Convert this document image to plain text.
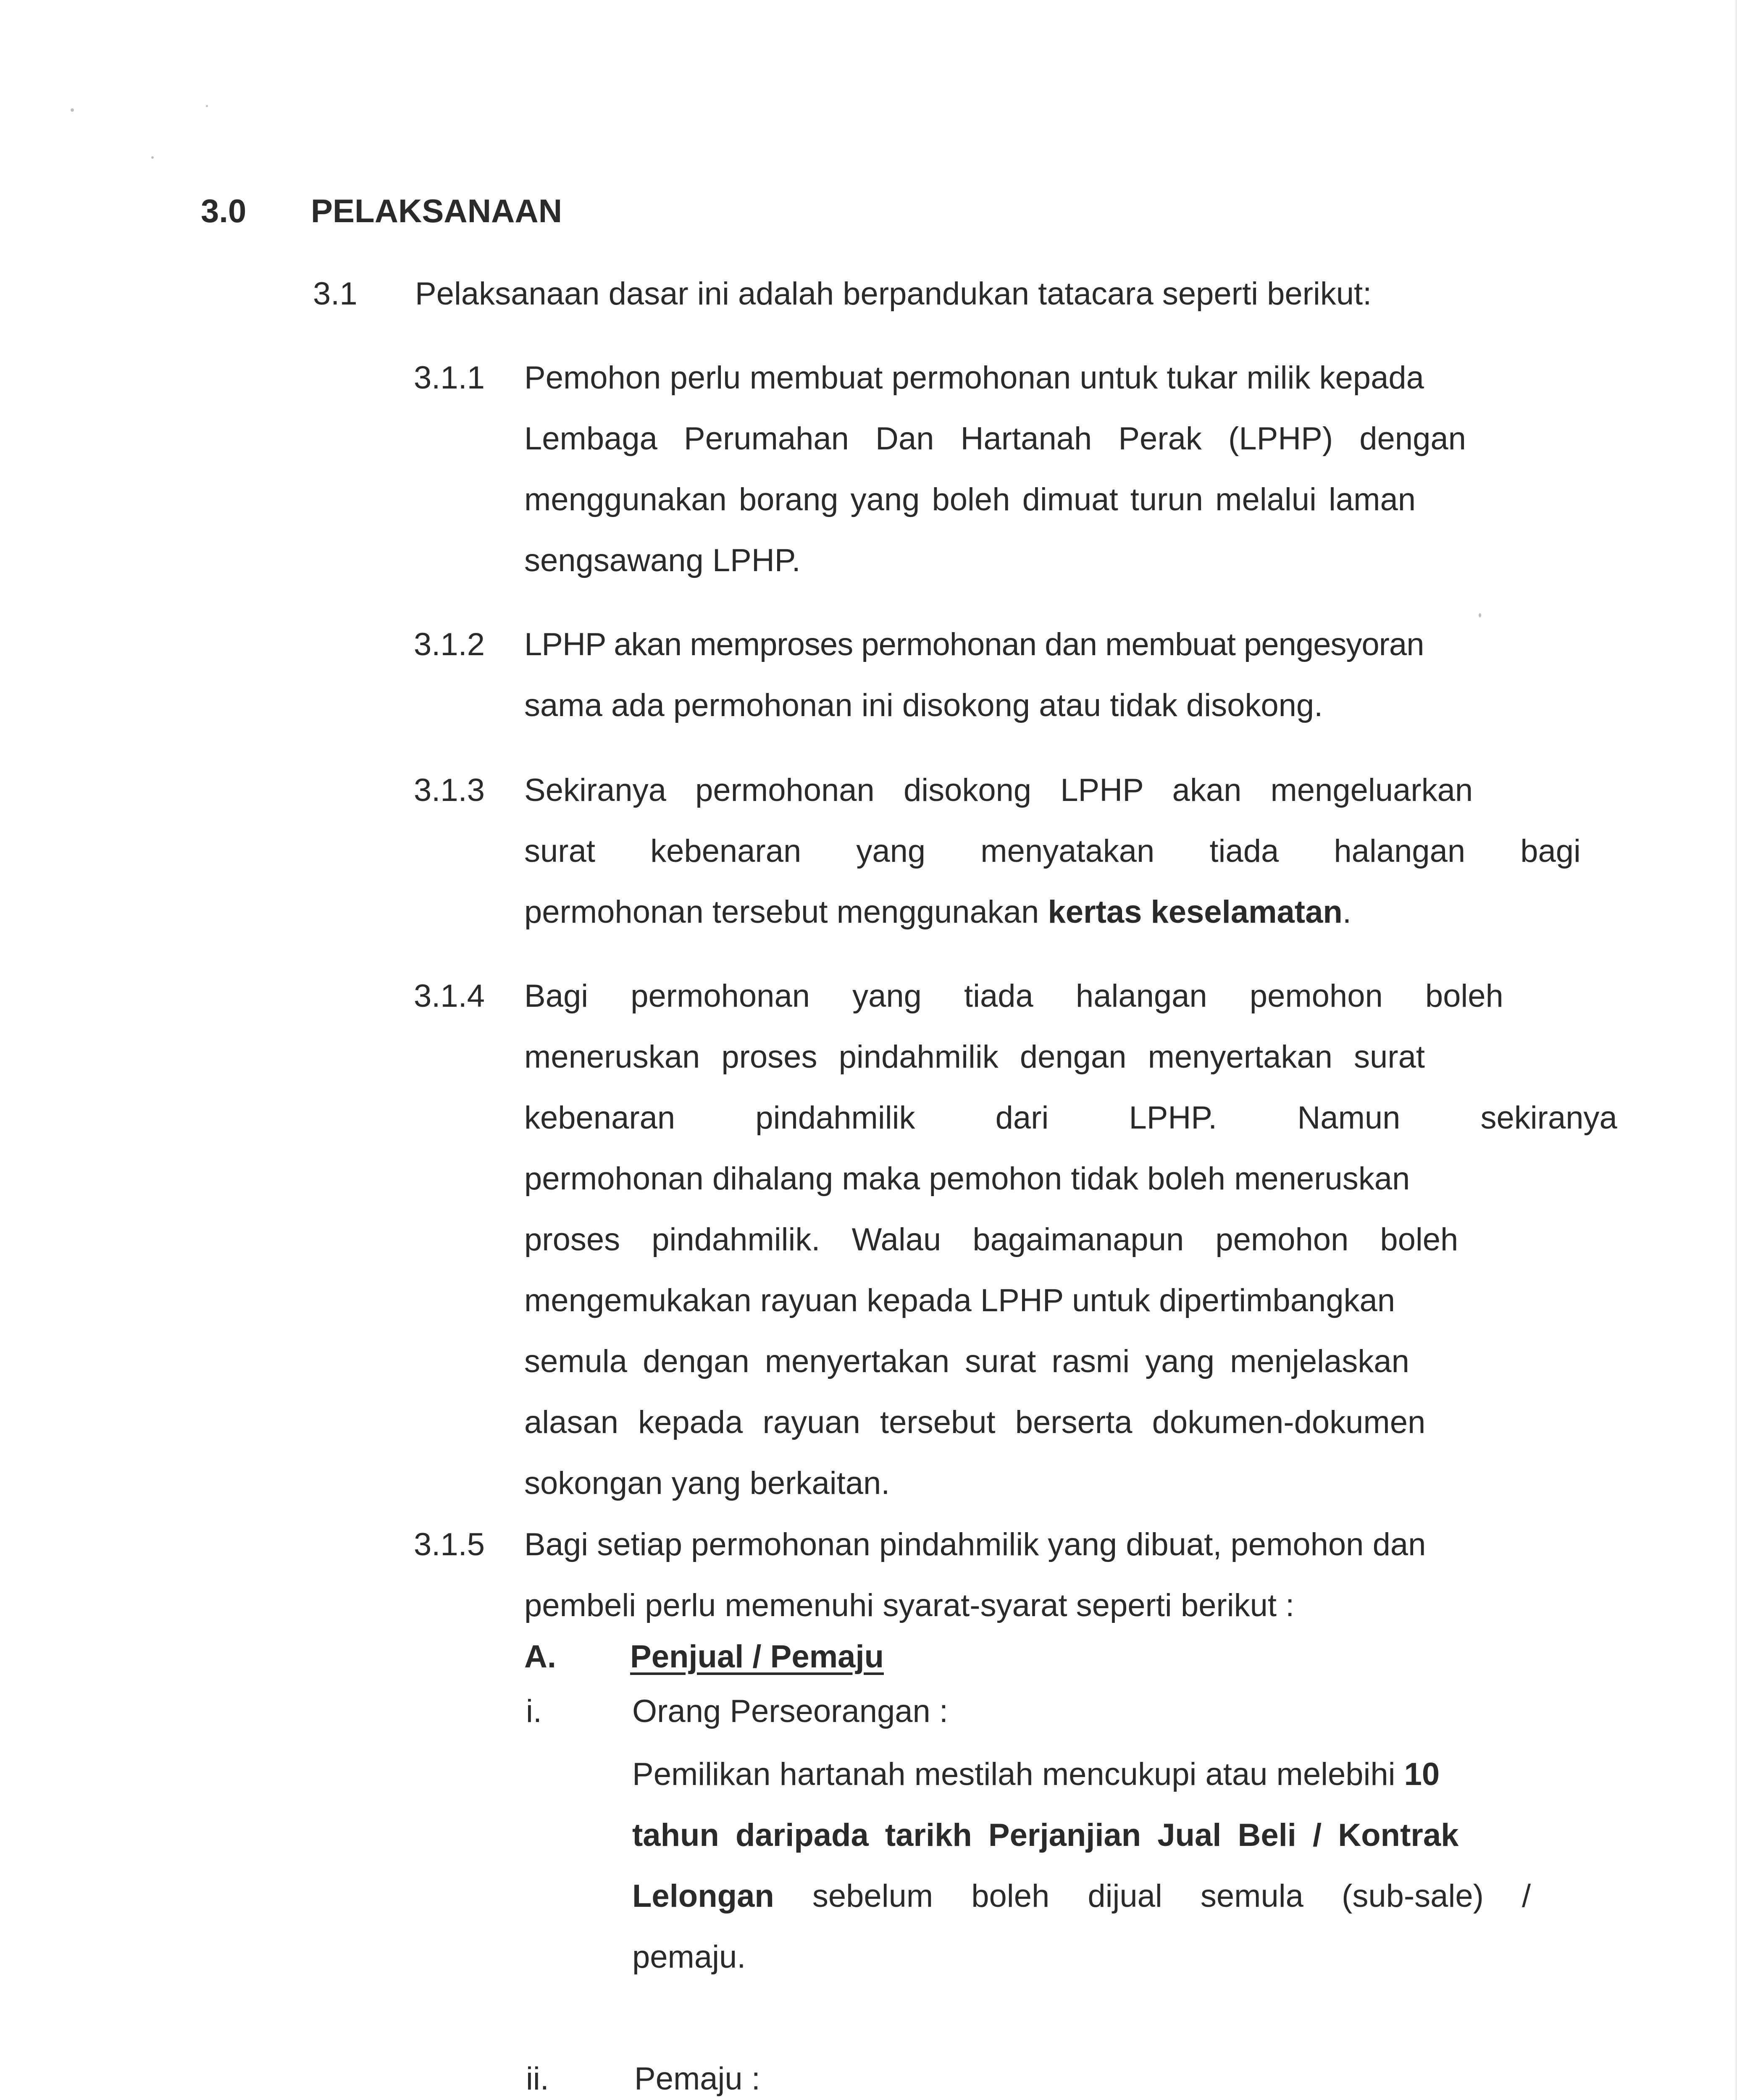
3.0 PELAKSANAAN
3.1 Pelaksanaan dasar ini adalah berpandukan tatacara seperti berikut:
3.1.1 Pemohon perlu membuat permohonan untuk tukar milik kepada
Lembaga Perumahan Dan Hartanah Perak (LPHP) dengan
menggunakan borang yang boleh dimuat turun melalui laman
sengsawang LPHP.
3.1.2 LPHP akan memproses permohonan dan membuat pengesyoran
sama ada permohonan ini disokong atau tidak disokong.
3.1.3 Sekiranya permohonan disokong LPHP akan mengeluarkan
surat kebenaran yang menyatakan tiada halangan bagi
permohonan tersebut menggunakan kertas keselamatan.
3.1.4 Bagi permohonan yang tiada halangan pemohon boleh
meneruskan proses pindahmilik dengan menyertakan surat
kebenaran pindahmilik dari LPHP. Namun sekiranya
permohonan dihalang maka pemohon tidak boleh meneruskan
proses pindahmilik. Walau bagaimanapun pemohon boleh
mengemukakan rayuan kepada LPHP untuk dipertimbangkan
semula dengan menyertakan surat rasmi yang menjelaskan
alasan kepada rayuan tersebut berserta dokumen-dokumen
sokongan yang berkaitan.
3.1.5 Bagi setiap permohonan pindahmilik yang dibuat, pemohon dan
pembeli perlu memenuhi syarat-syarat seperti berikut :
A. Penjual / Pemaju
i.	Orang Perseorangan :
Pemilikan hartanah mestilah mencukupi atau melebihi 10
tahun daripada tarikh Perjanjian Jual Beli / Kontrak
Lelongan sebelum boleh dijual semula (sub-sale) /
pemaju.
ii.	Pemaju :
